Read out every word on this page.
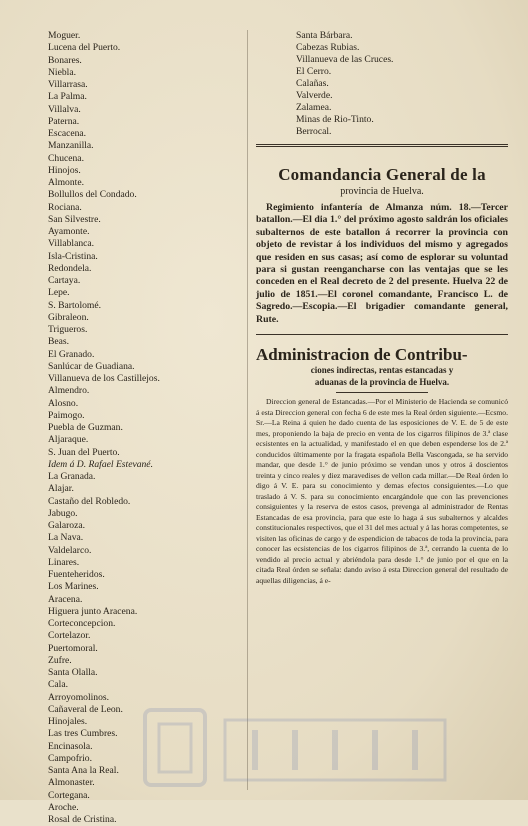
Moguer.
Lucena del Puerto.
Bonares.
Niebla.
Villarrasa.
La Palma.
Villalva.
Paterna.
Escacena.
Manzanilla.
Chucena.
Hinojos.
Almonte.
Bollullos del Condado.
Rociana.
San Silvestre.
Ayamonte.
Villablanca.
Isla-Cristina.
Redondela.
Cartaya.
Lepe.
S. Bartolomé.
Gibraleon.
Trigueros.
Beas.
El Granado.
Sanlúcar de Guadiana.
Villanueva de los Castillejos.
Almendro.
Alosno.
Paimogo.
Puebla de Guzman.
Aljaraque.
S. Juan del Puerto.
Idem á D. Rafael Estevané.
La Granada.
Alajar.
Castaño del Robledo.
Jabugo.
Galaroza.
La Nava.
Valdelarco.
Linares.
Fuenteheridos.
Los Marines.
Aracena.
Higuera junto Aracena.
Corteconcepcion.
Cortelazor.
Puertomoral.
Zufre.
Santa Olalla.
Cala.
Arroyomolinos.
Cañaveral de Leon.
Hinojales.
Las tres Cumbres.
Encinasola.
Campofrio.
Santa Ana la Real.
Almonaster.
Cortegana.
Aroche.
Rosal de Cristina.
Santa Bárbara.
Cabezas Rubias.
Villanueva de las Cruces.
El Cerro.
Calañas.
Valverde.
Zalamea.
Minas de Rio-Tinto.
Berrocal.
Comandancia General de la
provincia de Huelva.
Regimiento infantería de Almanza núm. 18.—Tercer batallon.—El dia 1.° del próximo agosto saldrán los oficiales subalternos de este batallon á recorrer la provincia con objeto de revistar á los individuos del mismo y agregados que residen en sus casas; así como de esplorar su voluntad para si gustan reengancharse con las ventajas que se les conceden en el Real decreto de 2 del presente. Huelva 22 de julio de 1851.—El coronel comandante, Francisco L. de Sagredo.—Escopia.—El brigadier comandante general, Rute.
Administracion de Contribu-
ciones indirectas, rentas estancadas y
aduanas de la provincia de Huelva.
Direccion general de Estancadas.—Por el Ministerio de Hacienda se comunicó á esta Direccion general con fecha 6 de este mes la Real órden siguiente.—Ecsmo. Sr.—La Reina á quien he dado cuenta de las esposiciones de V. E. de 5 de este mes, proponiendo la baja de precio en venta de los cigarros filipinos de 3.ª clase ecsistentes en la actualidad, y manifestado el en que deben espenderse los de 2.ª conducidos últimamente por la fragata española Bella Vascongada, se ha servido mandar, que desde 1.° de junio próximo se vendan unos y otros á doscientos treinta y cinco reales y diez maravedises de vellon cada millar.—De Real órden lo digo á V. E. para su conocimiento y demas efectos consiguientes.—Lo que traslado á V. S. para su conocimiento encargándole que con las prevenciones consiguientes y la reserva de estos casos, prevenga al administrador de Rentas Estancadas de esa provincia, para que este lo haga á sus subalternos y alcaldes constitucionales respectivos, que el 31 del mes actual y á las horas competentes, se visiten las oficinas de cargo y de espendicion de tabacos de toda la provincia, para conocer las ecsistencias de los cigarros filipinos de 3.ª, cerrando la cuenta de lo vendido al precio actual y abriéndola para desde 1.° de junio por el que en la citada Real órden se señala: dando aviso á esta Direccion general del resultado de aquellas diligencias, á e-
